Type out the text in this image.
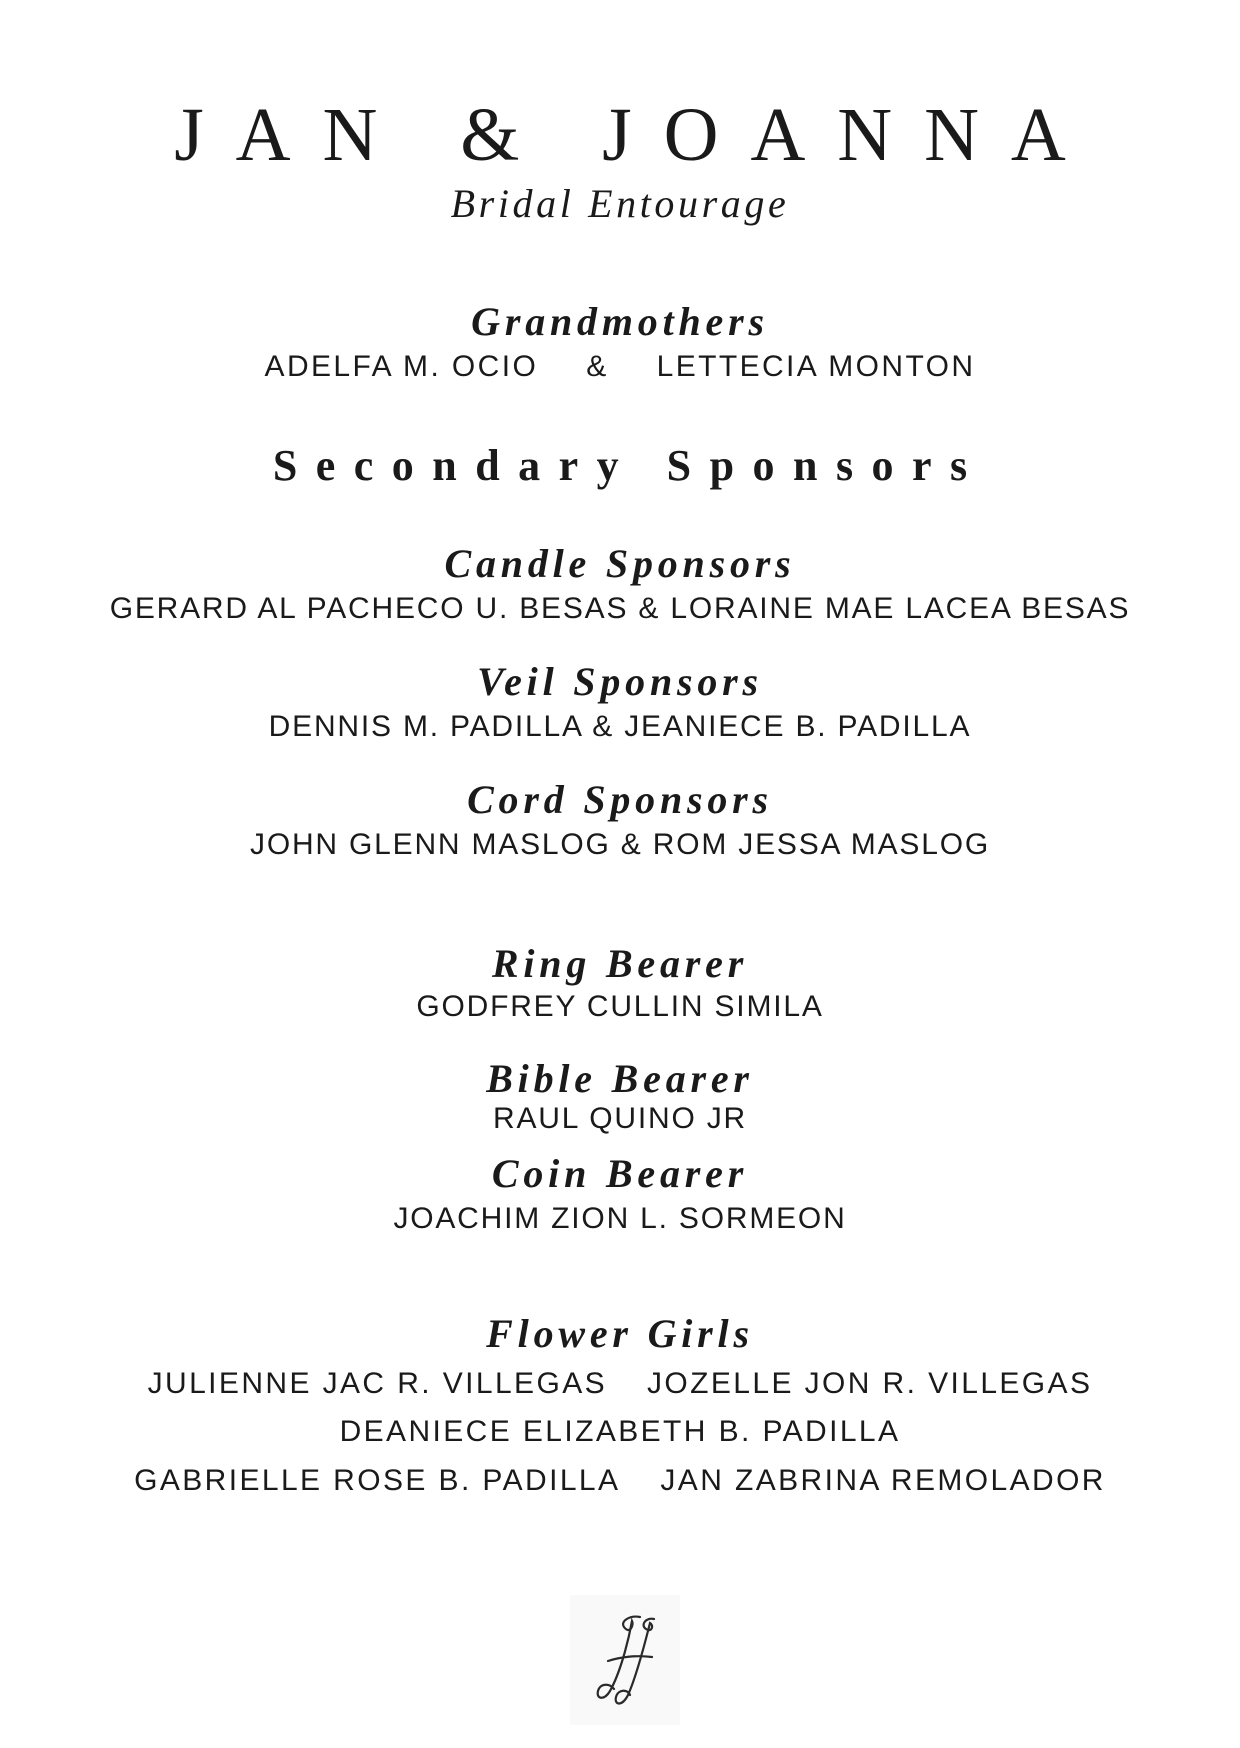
JAN & JOANNA
Bridal Entourage
Grandmothers
ADELFA M. OCIO & LETTECIA MONTON
Secondary Sponsors
Candle Sponsors
GERARD AL PACHECO U. BESAS & LORAINE MAE LACEA BESAS
Veil Sponsors
DENNIS M. PADILLA & JEANIECE B. PADILLA
Cord Sponsors
JOHN GLENN MASLOG & ROM JESSA MASLOG
Ring Bearer
GODFREY CULLIN SIMILA
Bible Bearer
RAUL QUINO JR
Coin Bearer
JOACHIM ZION L. SORMEON
Flower Girls
JULIENNE JAC R. VILLEGAS JOZELLE JON R. VILLEGAS
DEANIECE ELIZABETH B. PADILLA
GABRIELLE ROSE B. PADILLA JAN ZABRINA REMOLADOR
